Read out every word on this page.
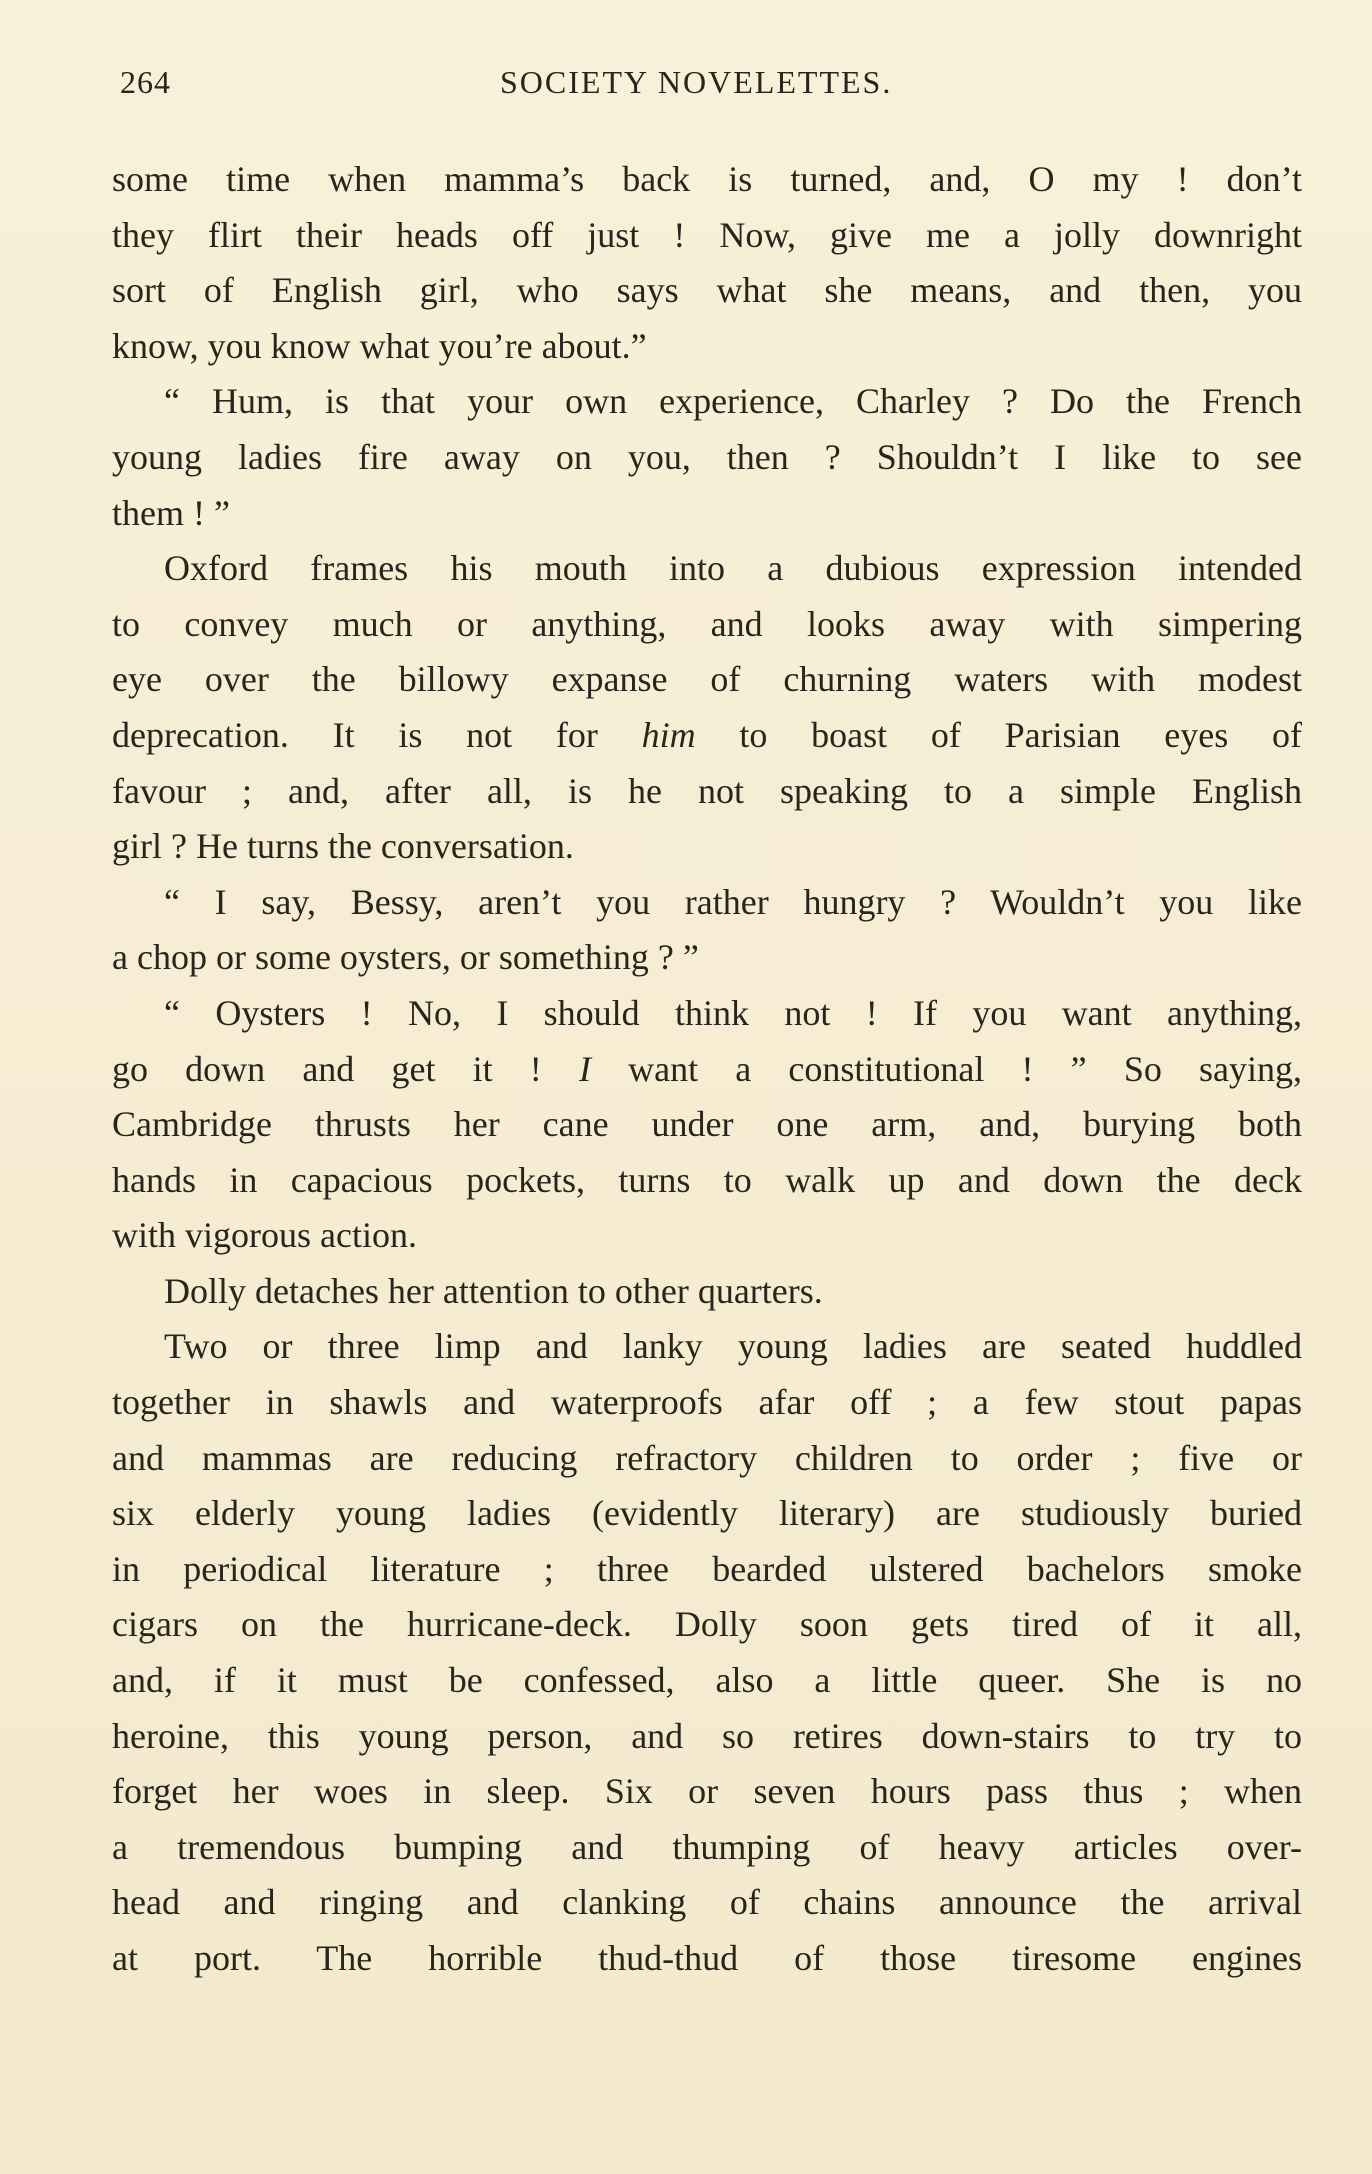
264	SOCIETY NOVELETTES.
some time when mamma’s back is turned, and, O my ! don’t
they flirt their heads off just ! Now, give me a jolly downright
sort of English girl, who says what she means, and then, you
know, you know what you’re about.”
“ Hum, is that your own experience, Charley ? Do the French
young ladies fire away on you, then ? Shouldn’t I like to see
them ! ”
Oxford frames his mouth into a dubious expression intended
to convey much or anything, and looks away with simpering
eye over the billowy expanse of churning waters with modest
deprecation. It is not for him to boast of Parisian eyes of
favour ; and, after all, is he not speaking to a simple English
girl ? He turns the conversation.
“ I say, Bessy, aren’t you rather hungry ? Wouldn’t you like
a chop or some oysters, or something ? ”
“ Oysters ! No, I should think not ! If you want anything,
go down and get it ! I want a constitutional ! ” So saying,
Cambridge thrusts her cane under one arm, and, burying both
hands in capacious pockets, turns to walk up and down the deck
with vigorous action.
Dolly detaches her attention to other quarters.
Two or three limp and lanky young ladies are seated huddled
together in shawls and waterproofs afar off ; a few stout papas
and mammas are reducing refractory children to order ; five or
six elderly young ladies (evidently literary) are studiously buried
in periodical literature ; three bearded ulstered bachelors smoke
cigars on the hurricane-deck. Dolly soon gets tired of it all,
and, if it must be confessed, also a little queer. She is no
heroine, this young person, and so retires down-stairs to try to
forget her woes in sleep. Six or seven hours pass thus ; when
a tremendous bumping and thumping of heavy articles over-
head and ringing and clanking of chains announce the arrival
at port. The horrible thud-thud of those tiresome engines
